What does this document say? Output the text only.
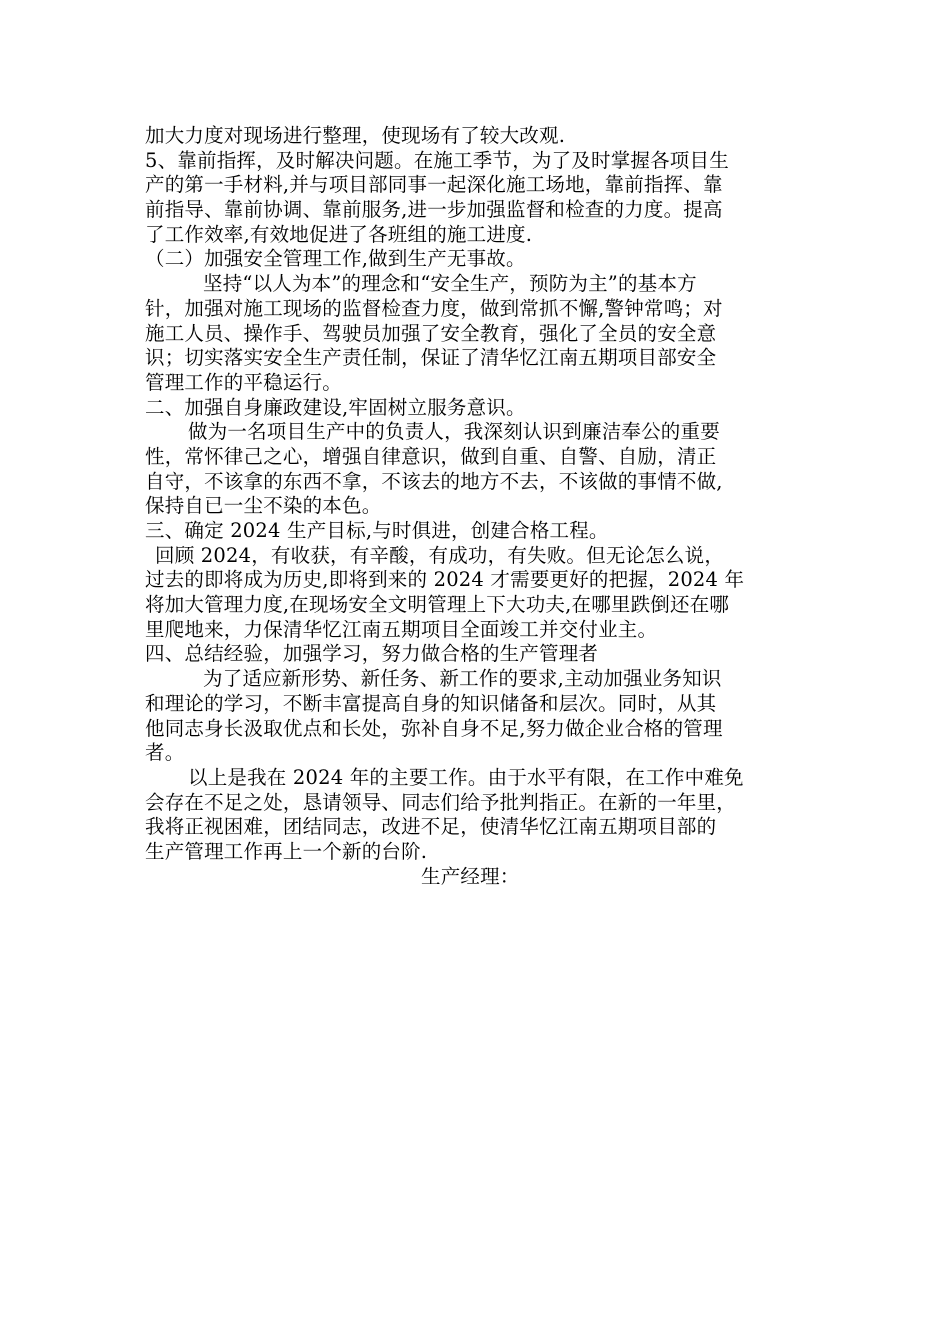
加大力度对现场进行整理，使现场有了较大改观.
5、靠前指挥，及时解决问题。在施工季节，为了及时掌握各项目生
产的第一手材料,并与项目部同事一起深化施工场地，靠前指挥、靠
前指导、靠前协调、靠前服务,进一步加强监督和检查的力度。提高
了工作效率,有效地促进了各班组的施工进度.
（二）加强安全管理工作,做到生产无事故。
坚持“以人为本”的理念和“安全生产，预防为主”的基本方
针，加强对施工现场的监督检查力度，做到常抓不懈,警钟常鸣；对
施工人员、操作手、驾驶员加强了安全教育，强化了全员的安全意
识；切实落实安全生产责任制，保证了清华忆江南五期项目部安全
管理工作的平稳运行。
二、加强自身廉政建设,牢固树立服务意识。
做为一名项目生产中的负责人，我深刻认识到廉洁奉公的重要
性，常怀律己之心，增强自律意识，做到自重、自警、自励，清正
自守，不该拿的东西不拿，不该去的地方不去，不该做的事情不做,
保持自已一尘不染的本色。
三、确定 2024 生产目标,与时俱进，创建合格工程。
回顾 2024，有收获，有辛酸，有成功，有失败。但无论怎么说，
过去的即将成为历史,即将到来的 2024 才需要更好的把握，2024 年
将加大管理力度,在现场安全文明管理上下大功夫,在哪里跌倒还在哪
里爬地来，力保清华忆江南五期项目全面竣工并交付业主。
四、总结经验，加强学习，努力做合格的生产管理者
为了适应新形势、新任务、新工作的要求,主动加强业务知识
和理论的学习，不断丰富提高自身的知识储备和层次。同时，从其
他同志身长汲取优点和长处，弥补自身不足,努力做企业合格的管理
者。
以上是我在 2024 年的主要工作。由于水平有限，在工作中难免
会存在不足之处，恳请领导、同志们给予批判指正。在新的一年里，
我将正视困难，团结同志，改进不足，使清华忆江南五期项目部的
生产管理工作再上一个新的台阶.
生产经理：
